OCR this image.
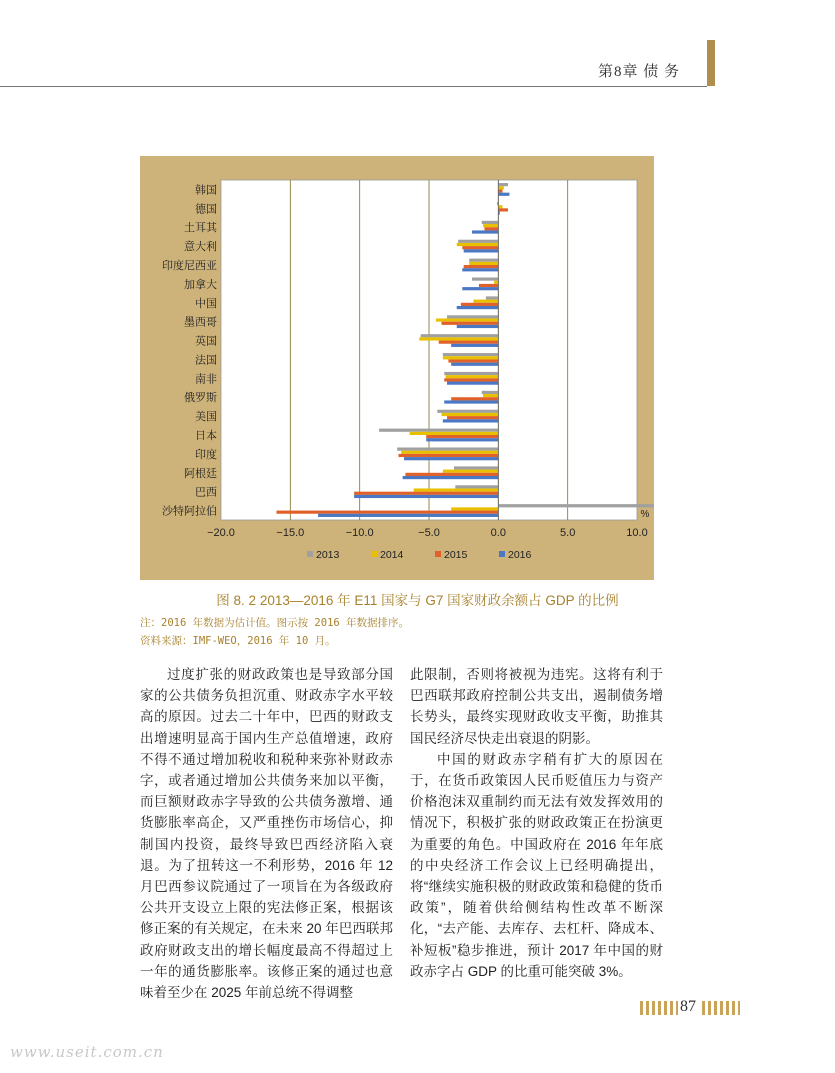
第8章 债 务
−20.0	−15.0	−10.0	−5.0	0.0	5.0	10.0
%
韩国
德国
土耳其
意大利
印度尼西亚
加拿大
中国
墨西哥
英国
法国
南非
俄罗斯
美国
日本
印度
阿根廷
巴西
沙特阿拉伯
2013	2014	2015	2016
图 8. 2 2013—2016 年 E11 国家与 G7 国家财政余额占 GDP 的比例
注：2016 年数据为估计值。图示按 2016 年数据排序。
资料来源：IMF-WEO，2016 年 10 月。

过度扩张的财政政策也是导致部分国家的公共债务负担沉重、财政赤字水平较高的原因。过去二十年中，巴西的财政支出增速明显高于国内生产总值增速，政府不得不通过增加税收和税种来弥补财政赤字，或者通过增加公共债务来加以平衡，而巨额财政赤字导致的公共债务激增、通货膨胀率高企，又严重挫伤市场信心，抑制国内投资，最终导致巴西经济陷入衰退。为了扭转这一不利形势，2016 年 12 月巴西参议院通过了一项旨在为各级政府公共开支设立上限的宪法修正案，根据该修正案的有关规定，在未来 20 年巴西联邦政府财政支出的增长幅度最高不得超过上一年的通货膨胀率。该修正案的通过也意味着至少在 2025 年前总统不得调整

此限制，否则将被视为违宪。这将有利于巴西联邦政府控制公共支出，遏制债务增长势头，最终实现财政收支平衡，助推其国民经济尽快走出衰退的阴影。

中国的财政赤字稍有扩大的原因在于，在货币政策因人民币贬值压力与资产价格泡沫双重制约而无法有效发挥效用的情况下，积极扩张的财政政策正在扮演更为重要的角色。中国政府在 2016 年年底的中央经济工作会议上已经明确提出，将“继续实施积极的财政政策和稳健的货币政策”，随着供给侧结构性改革不断深化，“去产能、去库存、去杠杆、降成本、补短板”稳步推进，预计 2017 年中国的财政赤字占 GDP 的比重可能突破 3%。

87
www.useit.com.cn
